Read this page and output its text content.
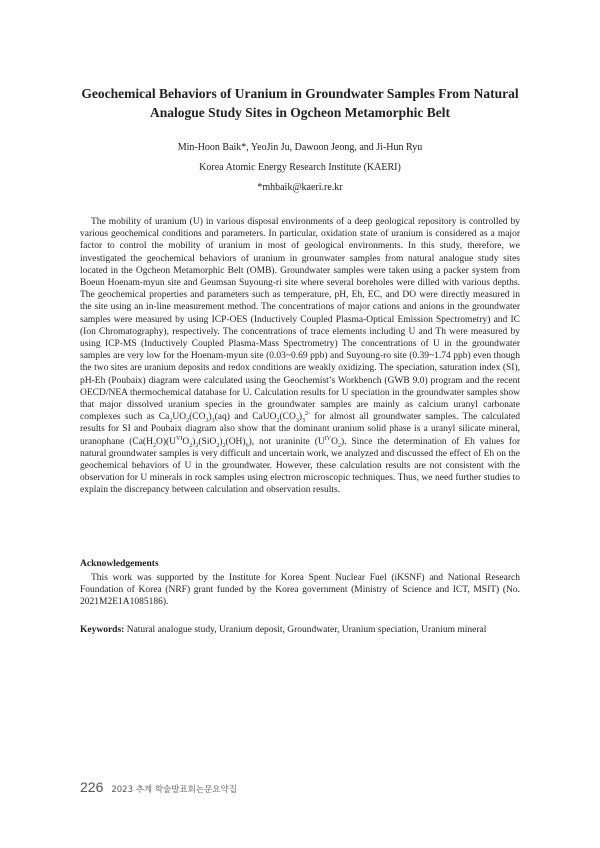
Geochemical Behaviors of Uranium in Groundwater Samples From Natural
Analogue Study Sites in Ogcheon Metamorphic Belt
Min-Hoon Baik*, YeoJin Ju, Dawoon Jeong, and Ji-Hun Ryu
Korea Atomic Energy Research Institute (KAERI)
*mhbaik@kaeri.re.kr

The mobility of uranium (U) in various disposal environments of a deep geological repository is controlled by various geochemical conditions and parameters. In particular, oxidation state of uranium is considered as a major factor to control the mobility of uranium in most of geological environments. In this study, therefore, we investigated the geochemical behaviors of uranium in grounwater samples from natural analogue study sites located in the Ogcheon Metamorphic Belt (OMB). Groundwater samples were taken using a packer system from Boeun Hoenam-myun site and Geumsan Suyoung-ri site where several boreholes were dilled with various depths. The geochemical properties and parameters such as temperature, pH, Eh, EC, and DO were directly measured in the site using an in-line measurement method. The concentrations of major cations and anions in the groundwater samples were measured by using ICP-OES (Inductively Coupled Plasma-Optical Emission Spectrometry) and IC (Ion Chromatography), respectively. The concentrations of trace elements including U and Th were measured by using ICP-MS (Inductively Coupled Plasma-Mass Spectrometry) The concentrations of U in the groundwater samples are very low for the Hoenam-myun site (0.03~0.69 ppb) and Suyoung-ro site (0.39~1.74 ppb) even though the two sites are uranium deposits and redox conditions are weakly oxidizing. The speciation, saturation index (SI), pH-Eh (Poubaix) diagram were calculated using the Geochemist’s Workbench (GWB 9.0) program and the recent OECD/NEA thermochemical database for U. Calculation results for U speciation in the groundwater samples show that major dissolved uranium species in the groundwater samples are mainly as calcium uranyl carbonate complexes such as $Ca_2UO_2(CO_3)_3(aq)$ and $CaUO_2(CO_3)_3^{2-}$ for almost all groundwater samples. The calculated results for SI and Poubaix diagram also show that the dominant uranium solid phase is a uranyl silicate mineral, uranophane $(Ca(H_2O)(U^{VI}O_2)_2(SiO_2)_2(OH)_6)$, not uraninite $(U^{IV}O_2)$. Since the determination of Eh values for natural groundwater samples is very difficult and uncertain work, we analyzed and discussed the effect of Eh on the geochemical behaviors of U in the groundwater. However, these calculation results are not consistent with the observation for U minerals in rock samples using electron microscopic techniques. Thus, we need further studies to explain the discrepancy between calculation and observation results.

Acknowledgements

This work was supported by the Institute for Korea Spent Nuclear Fuel (iKSNF) and National Research Foundation of Korea (NRF) grant funded by the Korea government (Ministry of Science and ICT, MSIT) (No. 2021M2E1A1085186).

Keywords: Natural analogue study, Uranium deposit, Groundwater, Uranium speciation, Uranium mineral

226 2023 추계 학술발표회논문요약집
